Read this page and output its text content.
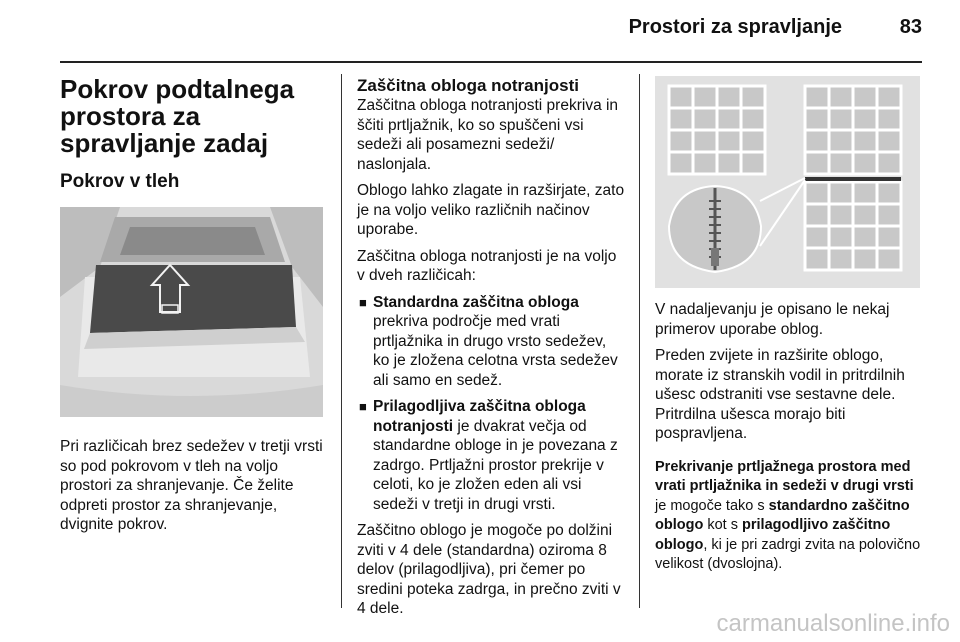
Prostori za spravljanje	83
Pokrov podtalnega prostora za spravljanje zadaj
Pokrov v tleh

Pri različicah brez sedežev v tretji vrsti so pod pokrovom v tleh na voljo prostori za shranjevanje. Če želite odpreti prostor za shranjevanje, dvignite pokrov.

Zaščitna obloga notranjosti

Zaščitna obloga notranjosti prekriva in ščiti prtljažnik, ko so spuščeni vsi sedeži ali posamezni sedeži/ naslonjala.

Oblogo lahko zlagate in razširjate, zato je na voljo veliko različnih načinov uporabe.

Zaščitna obloga notranjosti je na voljo v dveh različicah:

■ Standardna zaščitna obloga
prekriva področje med vrati prtljažnika in drugo vrsto sedežev, ko je zložena celotna vrsta sedežev ali samo en sedež.
■ Prilagodljiva zaščitna obloga notranjosti je dvakrat večja od standardne obloge in je povezana z zadrgo. Prtljažni prostor prekrije v celoti, ko je zložen eden ali vsi sedeži v tretji in drugi vrsti.

Zaščitno oblogo je mogoče po dolžini zviti v 4 dele (standardna) oziroma 8 delov (prilagodljiva), pri čemer po sredini poteka zadrga, in prečno zviti v 4 dele.

V nadaljevanju je opisano le nekaj primerov uporabe oblog.

Preden zvijete in razširite oblogo, morate iz stranskih vodil in pritrdilnih ušesc odstraniti vse sestavne dele. Pritrdilna ušesca morajo biti pospravljena.

Prekrivanje prtljažnega prostora med vrati prtljažnika in sedeži v drugi vrsti je mogoče tako s standardno zaščitno oblogo kot s prilagodljivo zaščitno oblogo, ki je pri zadrgi zvita na polovično velikost (dvoslojna).

carmanualsonline.info
